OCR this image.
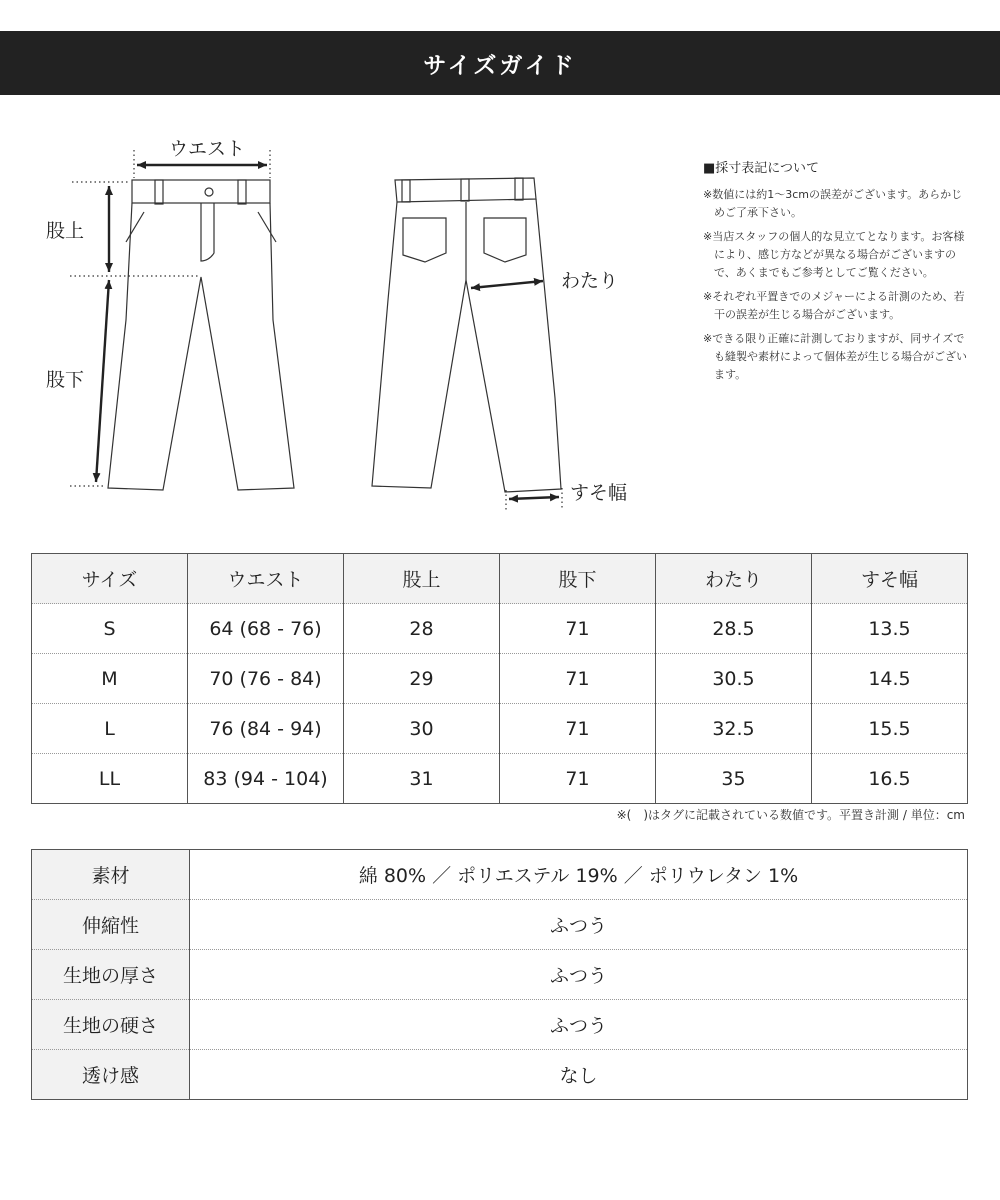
サイズガイド
ウエスト
股上
股下
わたり
すそ幅
■採寸表記について
※数値には約1〜3cmの誤差がございます。あらかじめご了承下さい。
※当店スタッフの個人的な見立てとなります。お客様により、感じ方などが異なる場合がございますので、あくまでもご参考としてご覧ください。
※それぞれ平置きでのメジャーによる計測のため、若干の誤差が生じる場合がございます。
※できる限り正確に計測しておりますが、同サイズでも縫製や素材によって個体差が生じる場合がございます。
サイズ	ウエスト	股上	股下	わたり	すそ幅
S	64 (68 - 76)	28	71	28.5	13.5
M	70 (76 - 84)	29	71	30.5	14.5
L	76 (84 - 94)	30	71	32.5	15.5
LL	83 (94 - 104)	31	71	35	16.5
※(　)はタグに記載されている数値です。平置き計測 / 単位：cm
素材	綿 80% ／ ポリエステル 19% ／ ポリウレタン 1%
伸縮性	ふつう
生地の厚さ	ふつう
生地の硬さ	ふつう
透け感	なし
